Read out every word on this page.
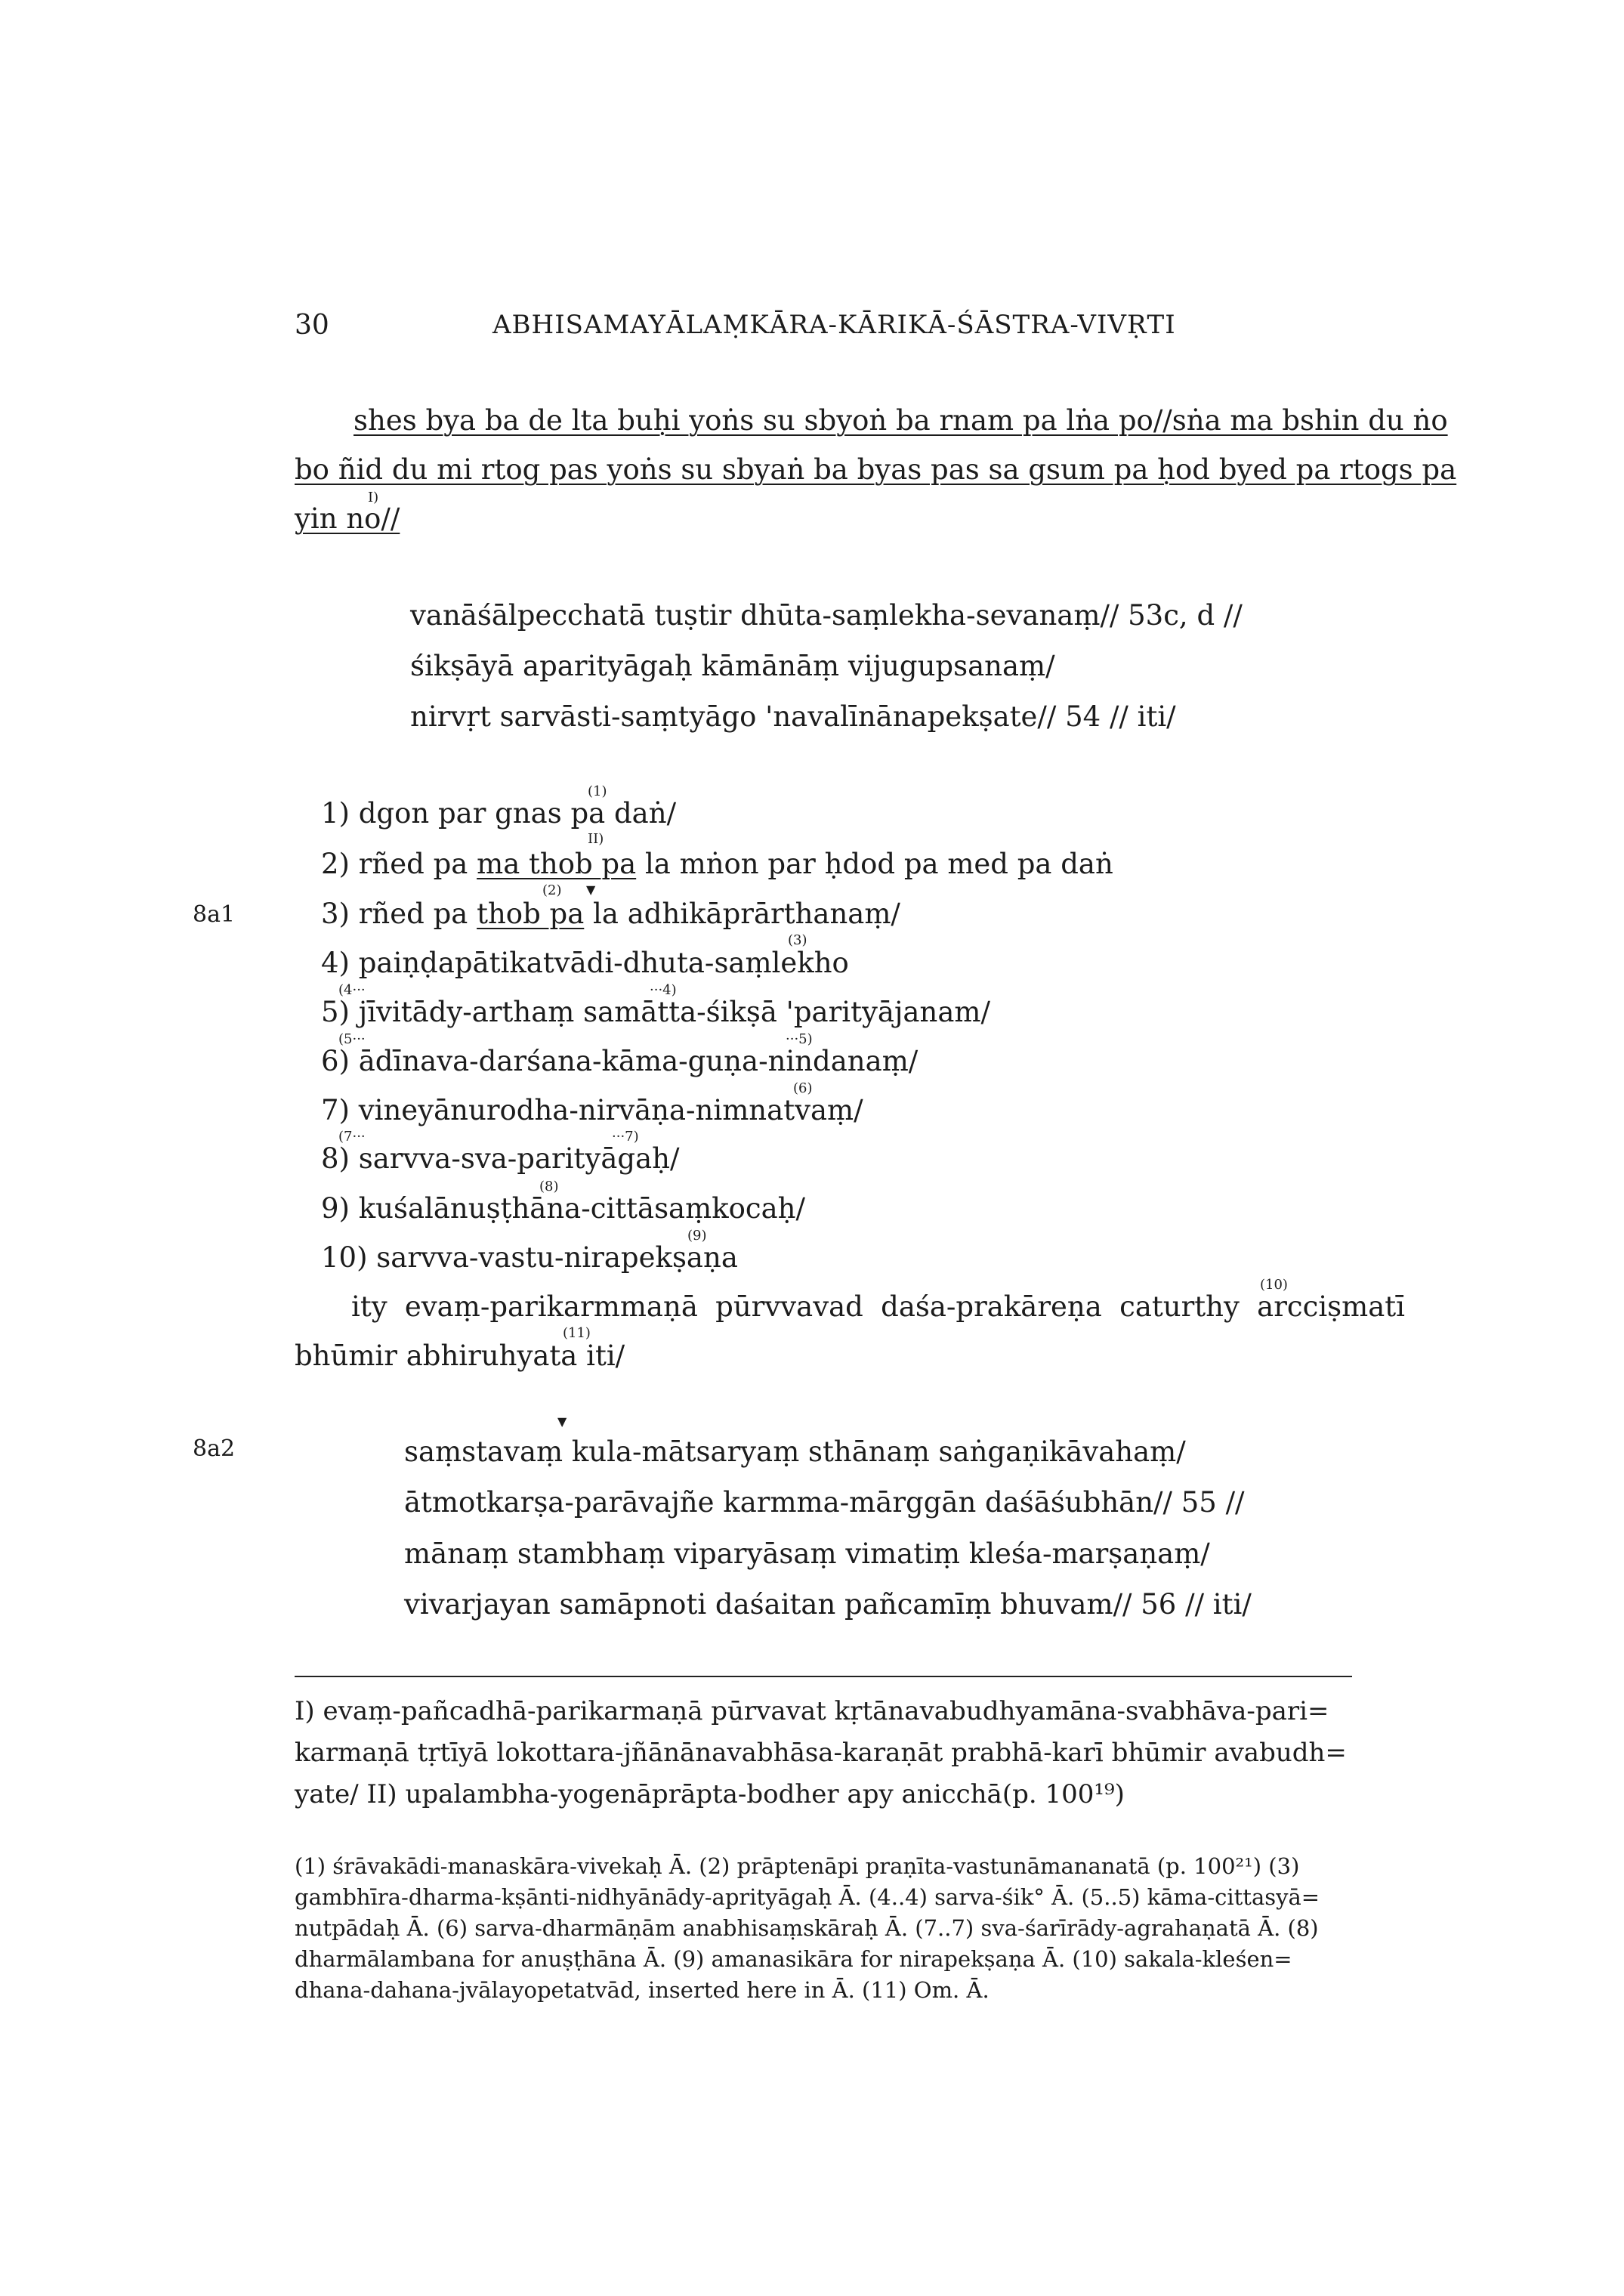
30	ABHISAMAYĀLAṂKĀRA-KĀRIKĀ-ŚĀSTRA-VIVṚTI
shes bya ba de lta buḥi yoṅs su sbyoṅ ba rnam pa lṅa po//sṅa ma bshin du ṅo
bo ñid du mi rtog pas yoṅs su sbyaṅ ba byas pas sa gsum pa ḥod byed pa rtogs pa
I)
yin no//
vanāśālpecchatā tuṣtir dhūta-saṃlekha-sevanaṃ// 53c, d //
śikṣāyā aparityāgaḥ kāmānāṃ vijugupsanaṃ/
nirvṛt sarvāsti-saṃtyāgo 'navalīnānapekṣate// 54 // iti/
8a1
8a2
(1)
1) dgon par gnas pa daṅ/
II)
2) rñed pa ma thob pa la mṅon par ḥdod pa med pa daṅ
(2) ▼
3) rñed pa thob pa la adhikāprārthanaṃ/
(3)
4) paiṇḍapātikatvādi-dhuta-saṃlekho
(4···	···4)
5) jīvitādy-arthaṃ samātta-śikṣā 'parityājanam/
(5···	···5)
6) ādīnava-darśana-kāma-guṇa-nindanaṃ/
(6)
7) vineyānurodha-nirvāṇa-nimnatvaṃ/
(7···	···7)
8) sarvva-sva-parityāgaḥ/
(8)
9) kuśalānuṣṭhāna-cittāsaṃkocaḥ/
(9)
10) sarvva-vastu-nirapekṣaṇa
(10)
ity evaṃ-parikarmmaṇā pūrvvavad daśa-prakāreṇa caturthy arcciṣmatī
(11)
bhūmir abhiruhyata iti/
▼
saṃstavaṃ kula-mātsaryaṃ sthānaṃ saṅgaṇikāvahaṃ/
ātmotkarṣa-parāvajñe karmma-mārggān daśāśubhān// 55 //
mānaṃ stambhaṃ viparyāsaṃ vimatiṃ kleśa-marṣaṇaṃ/
vivarjayan samāpnoti daśaitan pañcamīṃ bhuvam// 56 // iti/
I) evaṃ-pañcadhā-parikarmaṇā pūrvavat kṛtānavabudhyamāna-svabhāva-pari=
karmaṇā tṛtīyā lokottara-jñānānavabhāsa-karaṇāt prabhā-karī bhūmir avabudh=
yate/ II) upalambha-yogenāprāpta-bodher apy anicchā(p. 100¹⁹)
(1) śrāvakādi-manaskāra-vivekaḥ Ā. (2) prāptenāpi praṇīta-vastunāmananatā (p. 100²¹) (3)
gambhīra-dharma-kṣānti-nidhyānādy-aprityāgaḥ Ā. (4..4) sarva-śik° Ā. (5..5) kāma-cittasyā=
nutpādaḥ Ā. (6) sarva-dharmāṇām anabhisaṃskāraḥ Ā. (7..7) sva-śarīrādy-agrahaṇatā Ā. (8)
dharmālambana for anuṣṭhāna Ā. (9) amanasikāra for nirapekṣaṇa Ā. (10) sakala-kleśen=
dhana-dahana-jvālayopetatvād, inserted here in Ā. (11) Om. Ā.
